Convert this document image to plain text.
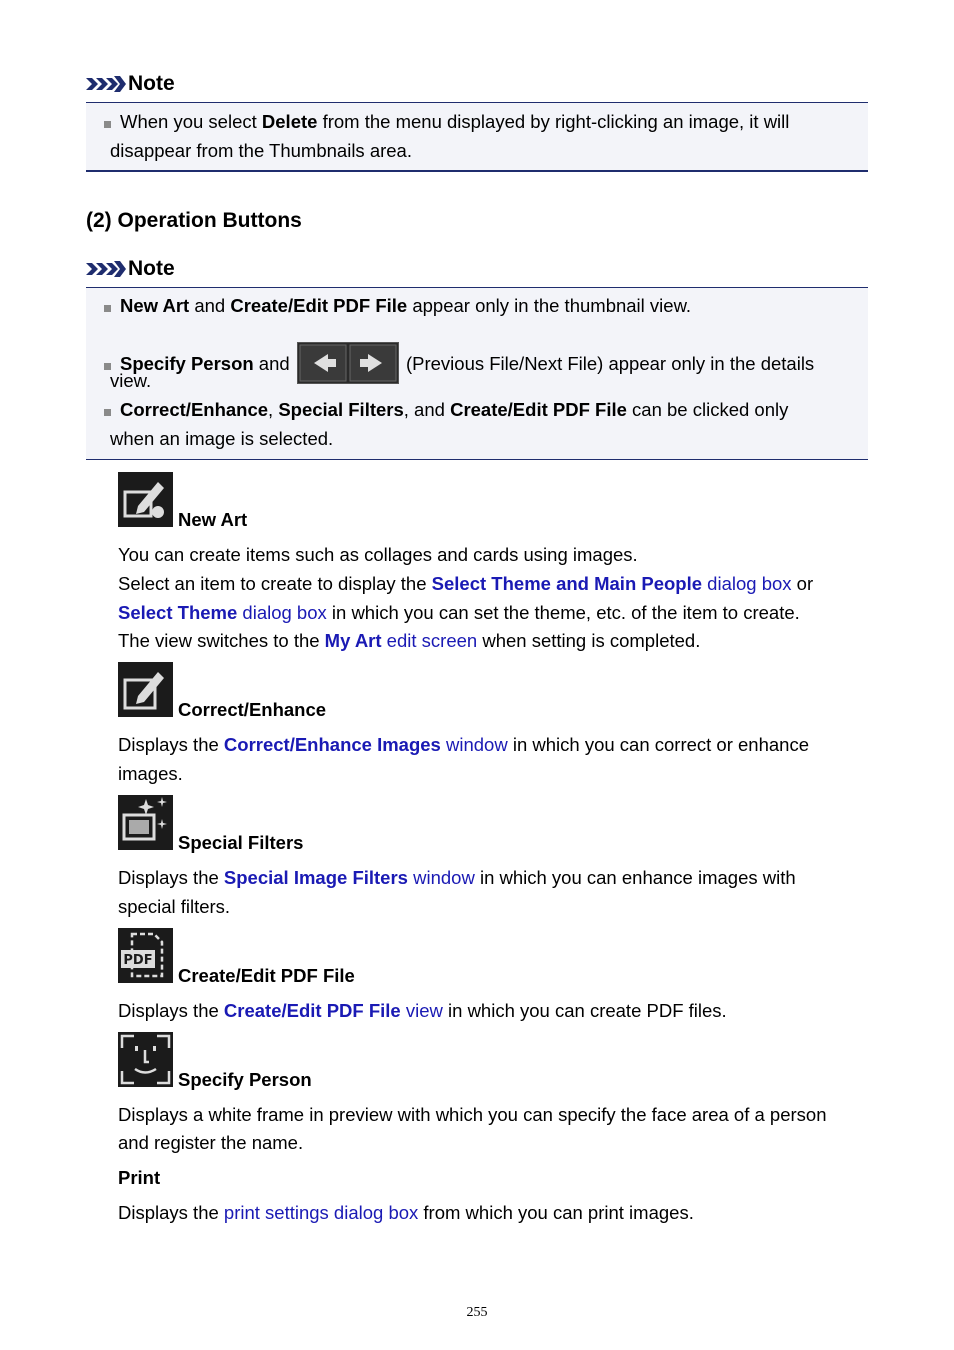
Note
When you select Delete from the menu displayed by right-clicking an image, it will
disappear from the Thumbnails area.
(2) Operation Buttons
Note
New Art and Create/Edit PDF File appear only in the thumbnail view.
Specify Person and	(Previous File/Next File) appear only in the details
view.
Correct/Enhance, Special Filters, and Create/Edit PDF File can be clicked only
when an image is selected.
New Art
You can create items such as collages and cards using images.
Select an item to create to display the Select Theme and Main People dialog box or
Select Theme dialog box in which you can set the theme, etc. of the item to create.
The view switches to the My Art edit screen when setting is completed.
Correct/Enhance
Displays the Correct/Enhance Images window in which you can correct or enhance
images.
Special Filters
Displays the Special Image Filters window in which you can enhance images with
special filters.
PDF
Create/Edit PDF File
Displays the Create/Edit PDF File view in which you can create PDF files.
Specify Person
Displays a white frame in preview with which you can specify the face area of a person
and register the name.
Print
Displays the print settings dialog box from which you can print images.
255
